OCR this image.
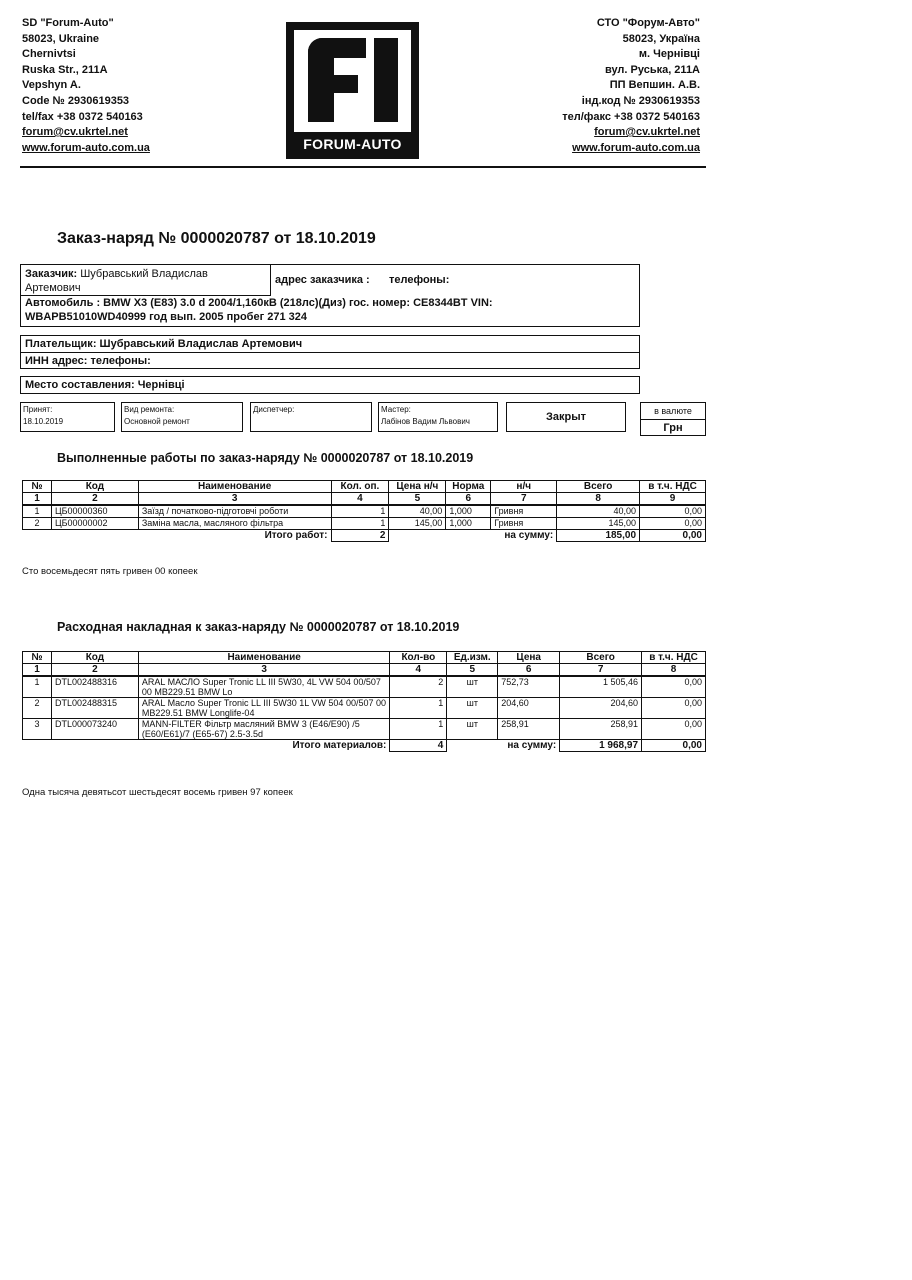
SD "Forum-Auto"
58023, Ukraine
Chernivtsi
Ruska Str., 211A
Vepshyn A.
Code № 2930619353
tel/fax +38 0372 540163
forum@cv.ukrtel.net
www.forum-auto.com.ua	FORUM-AUTO
СТО "Форум-Авто"
58023, Україна
м. Чернівці
вул. Руська, 211А
ПП Вепшин. А.В.
інд.код № 2930619353
тел/факс +38 0372 540163
forum@cv.ukrtel.net
www.forum-auto.com.ua
Заказ-наряд № 0000020787 от 18.10.2019
Заказчик: Шубравський Владислав Артемович
адрес заказчика : телефоны:
Автомобиль : BMW X3 (E83) 3.0 d 2004/1,160кВ (218лс)(Диз) гос. номер: CE8344BT VIN:
WBAPB51010WD40999 год вып. 2005 пробег 271 324
Плательщик: Шубравський Владислав Артемович
ИНН адрес: телефоны:
Место составления: Чернівці
Принят:
18.10.2019
Вид ремонта:
Основной ремонт
Диспетчер:	Мастер:
Лабінов Вадим Львович	Закрыт	в валюте
Грн
Выполненные работы по заказ-наряду № 0000020787 от 18.10.2019
№	Код	Наименование	Кол. оп.	Цена н/ч	Норма	н/ч	Всего	в т.ч. НДС
1	2	3	4	5	6	7	8	9
1	ЦБ00000360	Заїзд / початково-підготовчі роботи	1	40,00	1,000	Гривня	40,00	0,00
2	ЦБ00000002	Заміна масла, масляного фільтра	1	145,00	1,000	Гривня	145,00	0,00
		Итого работ:	2			на сумму:	185,00	0,00
Сто восемьдесят пять гривен 00 копеек
Расходная накладная к заказ-наряду № 0000020787 от 18.10.2019
№	Код	Наименование	Кол-во	Ед.изм.	Цена	Всего	в т.ч. НДС
1	2	3	4	5	6	7	8
1	DTL002488316	ARAL МАСЛО Super Tronic LL III 5W30, 4L VW 504 00/507 00 MB229.51 BMW Lo	2	шт	752,73	1 505,46	0,00
2	DTL002488315	ARAL Масло Super Tronic LL III 5W30 1L VW 504 00/507 00 MB229.51 BMW Longlife-04	1	шт	204,60	204,60	0,00
3	DTL000073240	MANN-FILTER Фільтр масляний BMW 3 (E46/E90) /5 (E60/E61)/7 (E65-67) 2.5-3.5d	1	шт	258,91	258,91	0,00
		Итого материалов:	4		на сумму:	1 968,97	0,00
Одна тысяча девятьсот шестьдесят восемь гривен 97 копеек
